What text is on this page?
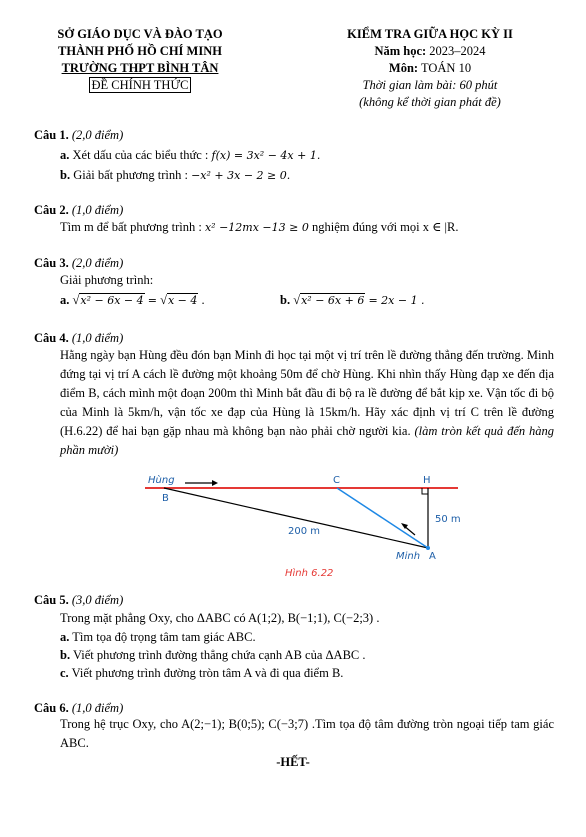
SỞ GIÁO DỤC VÀ ĐÀO TẠO
THÀNH PHỐ HỒ CHÍ MINH
TRƯỜNG THPT BÌNH TÂN
ĐỀ CHÍNH THỨC
KIỂM TRA GIỮA HỌC KỲ II
Năm học: 2023–2024
Môn: TOÁN 10
Thời gian làm bài: 60 phút
(không kể thời gian phát đề)
Câu 1. (2,0 điểm)
a. Xét dấu của các biểu thức : f(x) = 3x² − 4x + 1.
b. Giải bất phương trình : −x² + 3x − 2 ≥ 0.
Câu 2. (1,0 điểm)
Tìm m để bất phương trình : x² −12mx −13 ≥ 0 nghiệm đúng với mọi x ∈ |R.
Câu 3. (2,0 điểm)
Giải phương trình:
a. √x² − 6x − 4 = √x − 4 .	b. √x² − 6x + 6 = 2x − 1 .
Câu 4. (1,0 điểm)
Hằng ngày bạn Hùng đều đón bạn Minh đi học tại một vị trí trên lề đường thẳng đến trường. Minh đứng tại vị trí A cách lề đường một khoảng 50m để chờ Hùng. Khi nhìn thấy Hùng đạp xe đến địa điểm B, cách mình một đoạn 200m thì Minh bắt đầu đi bộ ra lề đường để bắt kịp xe. Vận tốc đi bộ của Minh là 5km/h, vận tốc xe đạp của Hùng là 15km/h. Hãy xác định vị trí C trên lề đường (H.6.22) để hai bạn gặp nhau mà không bạn nào phải chờ người kia. (làm tròn kết quả đến hàng phần mười)
Hùng
B
C	H
50 m
200 m
Minh A
Hình 6.22
Câu 5. (3,0 điểm)
Trong mặt phẳng Oxy, cho ΔABC có A(1;2), B(−1;1), C(−2;3) .
a. Tìm tọa độ trọng tâm tam giác ABC.
b. Viết phương trình đường thẳng chứa cạnh AB của ΔABC .
c. Viết phương trình đường tròn tâm A và đi qua điểm B.
Câu 6. (1,0 điểm)
Trong hệ trục Oxy, cho A(2;−1); B(0;5); C(−3;7) .Tìm tọa độ tâm đường tròn ngoại tiếp tam giác ABC.
-HẾT-
